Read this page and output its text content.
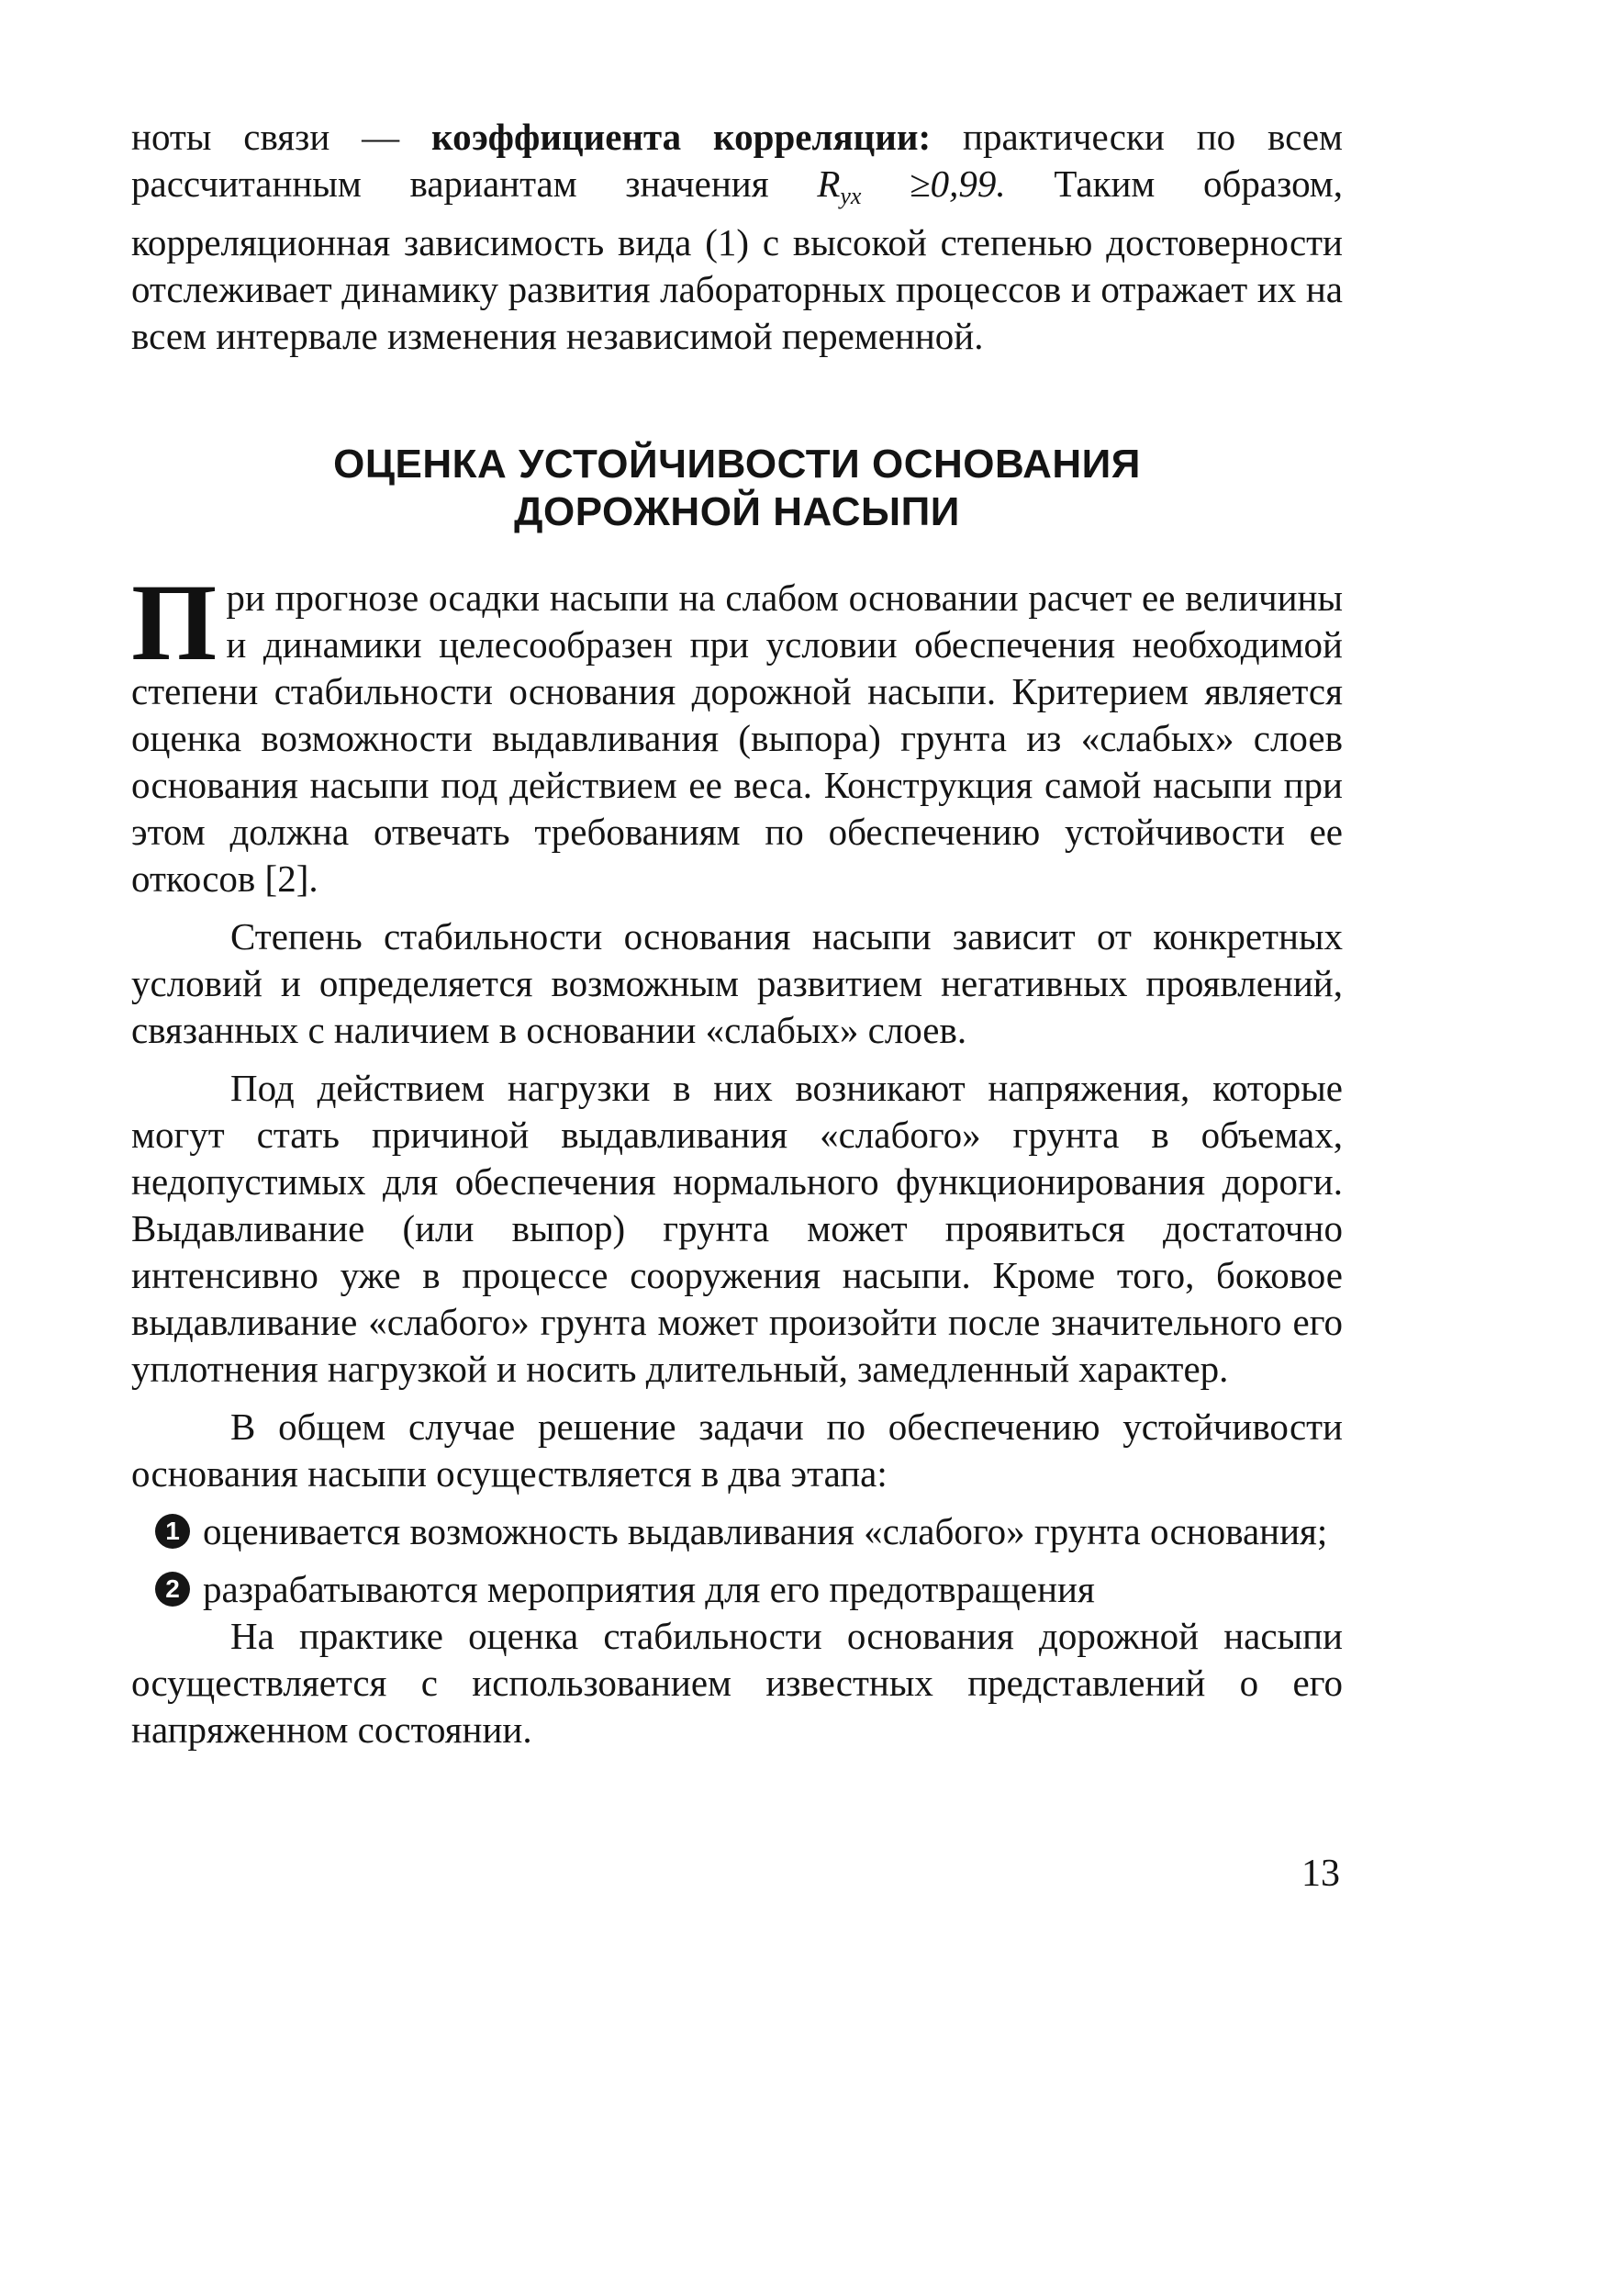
ноты связи — коэффициента корреляции: практически по всем рассчитанным вариантам значения $R_{yx} \ge 0,99$. Таким образом, корреляционная зависимость вида (1) с высокой степенью достоверности отслеживает динамику развития лабораторных процессов и отражает их на всем интервале изменения независимой переменной.

ОЦЕНКА УСТОЙЧИВОСТИ ОСНОВАНИЯ
ДОРОЖНОЙ НАСЫПИ

При прогнозе осадки насыпи на слабом основании расчет ее величины и динамики целесообразен при условии обеспечения необходимой степени стабильности основания дорожной насыпи. Критерием является оценка возможности выдавливания (выпора) грунта из «слабых» слоев основания насыпи под действием ее веса. Конструкция самой насыпи при этом должна отвечать требованиям по обеспечению устойчивости ее откосов [2].

Степень стабильности основания насыпи зависит от конкретных условий и определяется возможным развитием негативных проявлений, связанных с наличием в основании «слабых» слоев.

Под действием нагрузки в них возникают напряжения, которые могут стать причиной выдавливания «слабого» грунта в объемах, недопустимых для обеспечения нормального функционирования дороги. Выдавливание (или выпор) грунта может проявиться достаточно интенсивно уже в процессе сооружения насыпи. Кроме того, боковое выдавливание «слабого» грунта может произойти после значительного его уплотнения нагрузкой и носить длительный, замедленный характер.

В общем случае решение задачи по обеспечению устойчивости основания насыпи осуществляется в два этапа:

1 оценивается возможность выдавливания «слабого» грунта основания;

2 разрабатываются мероприятия для его предотвращения

На практике оценка стабильности основания дорожной насыпи осуществляется с использованием известных представлений о его напряженном состоянии.

13
